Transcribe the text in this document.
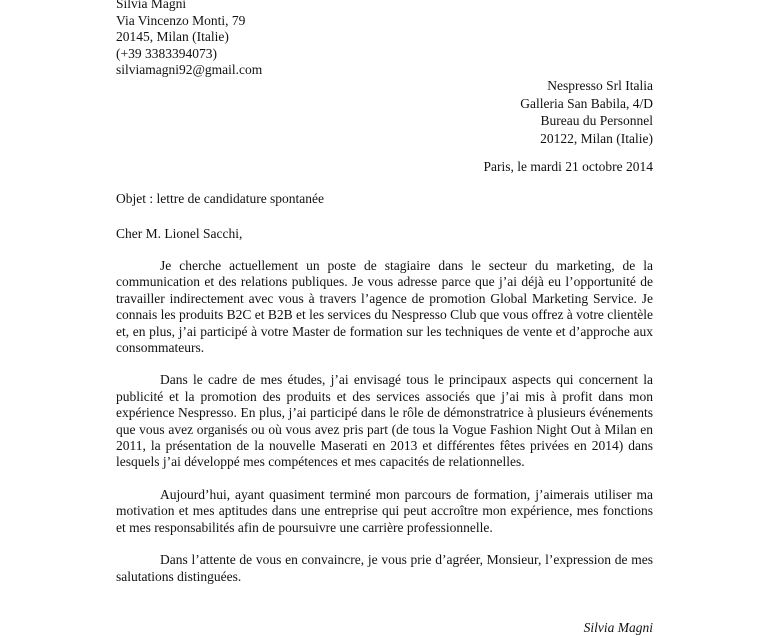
Silvia Magni
Via Vincenzo Monti, 79
20145, Milan (Italie)
(+39 3383394073)
silviamagni92@gmail.com
Nespresso Srl Italia
Galleria San Babila, 4/D
Bureau du Personnel
20122, Milan (Italie)
Paris, le mardi 21 octobre 2014
Objet : lettre de candidature spontanée
Cher M. Lionel Sacchi,

Je cherche actuellement un poste de stagiaire dans le secteur du marketing, de la communication et des relations publiques. Je vous adresse parce que j’ai déjà eu l’opportunité de travailler indirectement avec vous à travers l’agence de promotion Global Marketing Service. Je connais les produits B2C et B2B et les services du Nespresso Club que vous offrez à votre clientèle et, en plus, j’ai participé à votre Master de formation sur les techniques de vente et d’approche aux consommateurs.

Dans le cadre de mes études, j’ai envisagé tous le principaux aspects qui concernent la publicité et la promotion des produits et des services associés que j’ai mis à profit dans mon expérience Nespresso. En plus, j’ai participé dans le rôle de démonstratrice à plusieurs événements que vous avez organisés ou où vous avez pris part (de tous la Vogue Fashion Night Out à Milan en 2011, la présentation de la nouvelle Maserati en 2013 et différentes fêtes privées en 2014) dans lesquels j’ai développé mes compétences et mes capacités de relationnelles.

Aujourd’hui, ayant quasiment terminé mon parcours de formation, j’aimerais utiliser ma motivation et mes aptitudes dans une entreprise qui peut accroître mon expérience, mes fonctions et mes responsabilités afin de poursuivre une carrière professionnelle.

Dans l’attente de vous en convaincre, je vous prie d’agréer, Monsieur, l’expression de mes salutations distinguées.

Silvia Magni
